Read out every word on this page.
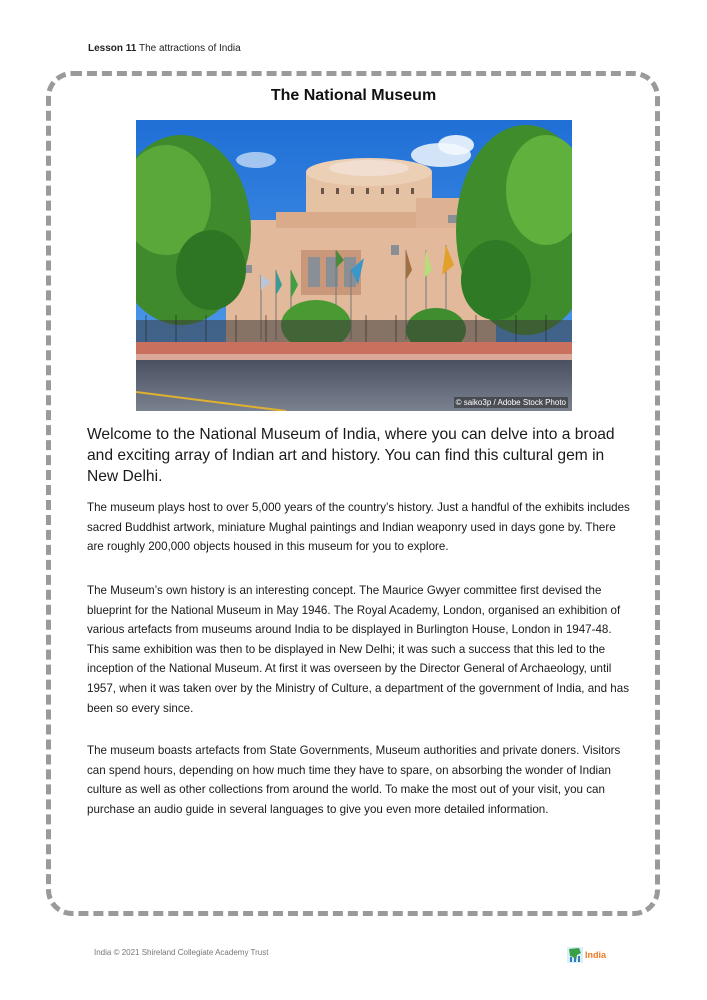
Lesson 11 The attractions of India
The National Museum
© saiko3p / Adobe Stock Photo

Welcome to the National Museum of India, where you can delve into a broad and exciting array of Indian art and history. You can find this cultural gem in New Delhi.

The museum plays host to over 5,000 years of the country’s history. Just a handful of the exhibits includes sacred Buddhist artwork, miniature Mughal paintings and Indian weaponry used in days gone by. There are roughly 200,000 objects housed in this museum for you to explore.

The Museum’s own history is an interesting concept. The Maurice Gwyer committee first devised the blueprint for the National Museum in May 1946. The Royal Academy, London, organised an exhibition of various artefacts from museums around India to be displayed in Burlington House, London in 1947-48. This same exhibition was then to be displayed in New Delhi; it was such a success that this led to the inception of the National Museum. At first it was overseen by the Director General of Archaeology, until 1957, when it was taken over by the Ministry of Culture, a department of the government of India, and has been so every since.

The museum boasts artefacts from State Governments, Museum authorities and private doners. Visitors can spend hours, depending on how much time they have to spare, on absorbing the wonder of Indian culture as well as other collections from around the world. To make the most out of your visit, you can purchase an audio guide in several languages to give you even more detailed information.

India © 2021 Shireland Collegiate Academy Trust	India
